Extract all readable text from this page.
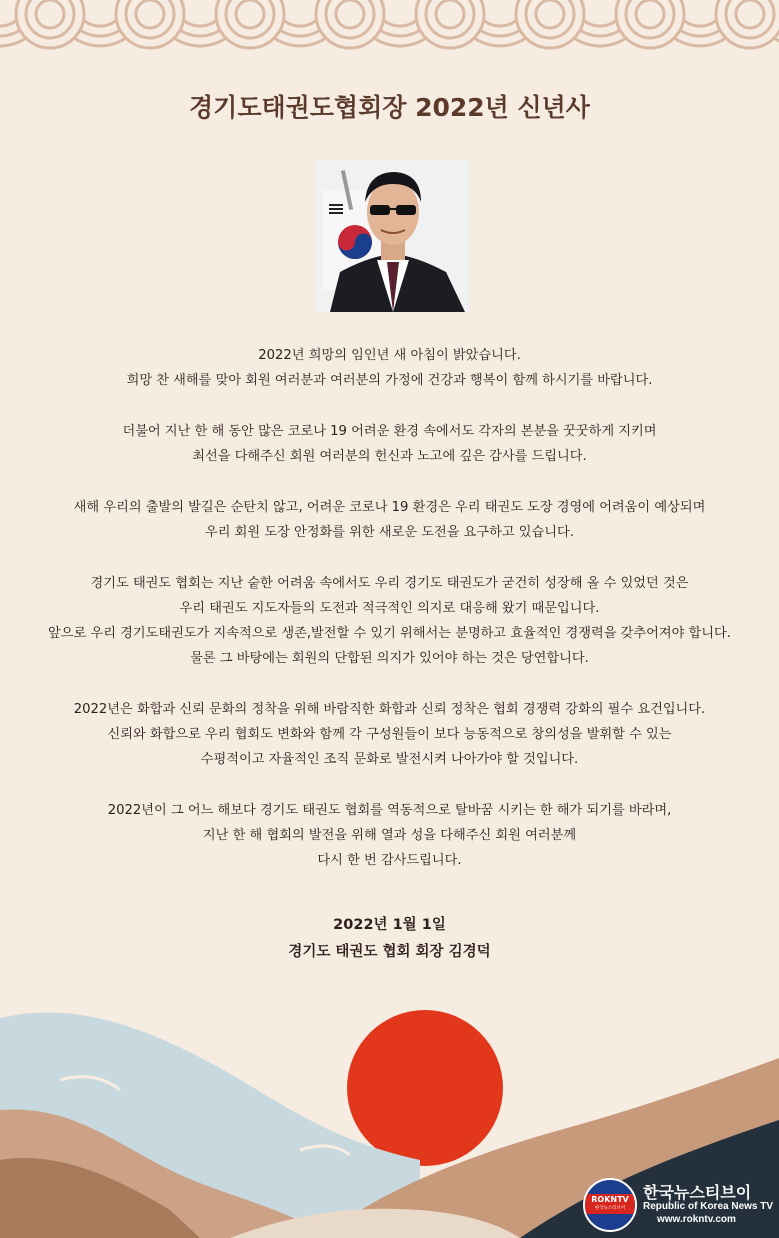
경기도태권도협회장 2022년 신년사

2022년 희망의 임인년 새 아침이 밝았습니다.
희망 찬 새해를 맞아 회원 여러분과 여러분의 가정에 건강과 행복이 함께 하시기를 바랍니다.

더불어 지난 한 해 동안 많은 코로나 19 어려운 환경 속에서도 각자의 본분을 꿋꿋하게 지키며
최선을 다해주신 회원 여러분의 헌신과 노고에 깊은 감사를 드립니다.

새해 우리의 출발의 발길은 순탄치 않고, 어려운 코로나 19 환경은 우리 태권도 도장 경영에 어려움이 예상되며
우리 회원 도장 안정화를 위한 새로운 도전을 요구하고 있습니다.

경기도 태권도 협회는 지난 숱한 어려움 속에서도 우리 경기도 태권도가 굳건히 성장해 올 수 있었던 것은
우리 태권도 지도자들의 도전과 적극적인 의지로 대응해 왔기 때문입니다.
앞으로 우리 경기도태권도가 지속적으로 생존,발전할 수 있기 위해서는 분명하고 효율적인 경쟁력을 갖추어져야 합니다.
물론 그 바탕에는 회원의 단합된 의지가 있어야 하는 것은 당연합니다.

2022년은 화합과 신뢰 문화의 정착을 위해 바람직한 화합과 신뢰 정착은 협회 경쟁력 강화의 필수 요건입니다.
신뢰와 화합으로 우리 협회도 변화와 함께 각 구성원들이 보다 능동적으로 창의성을 발휘할 수 있는
수평적이고 자율적인 조직 문화로 발전시켜 나아가야 할 것입니다.

2022년이 그 어느 해보다 경기도 태권도 협회를 역동적으로 탈바꿈 시키는 한 해가 되기를 바라며,
지난 한 해 협회의 발전을 위해 열과 성을 다해주신 회원 여러분께
다시 한 번 감사드립니다.

2022년 1월 1일
경기도 태권도 협회 회장 김경덕
ROKNTV
한국뉴스티브이
한국뉴스티브이
Republic of Korea News TV
www.rokntv.com
